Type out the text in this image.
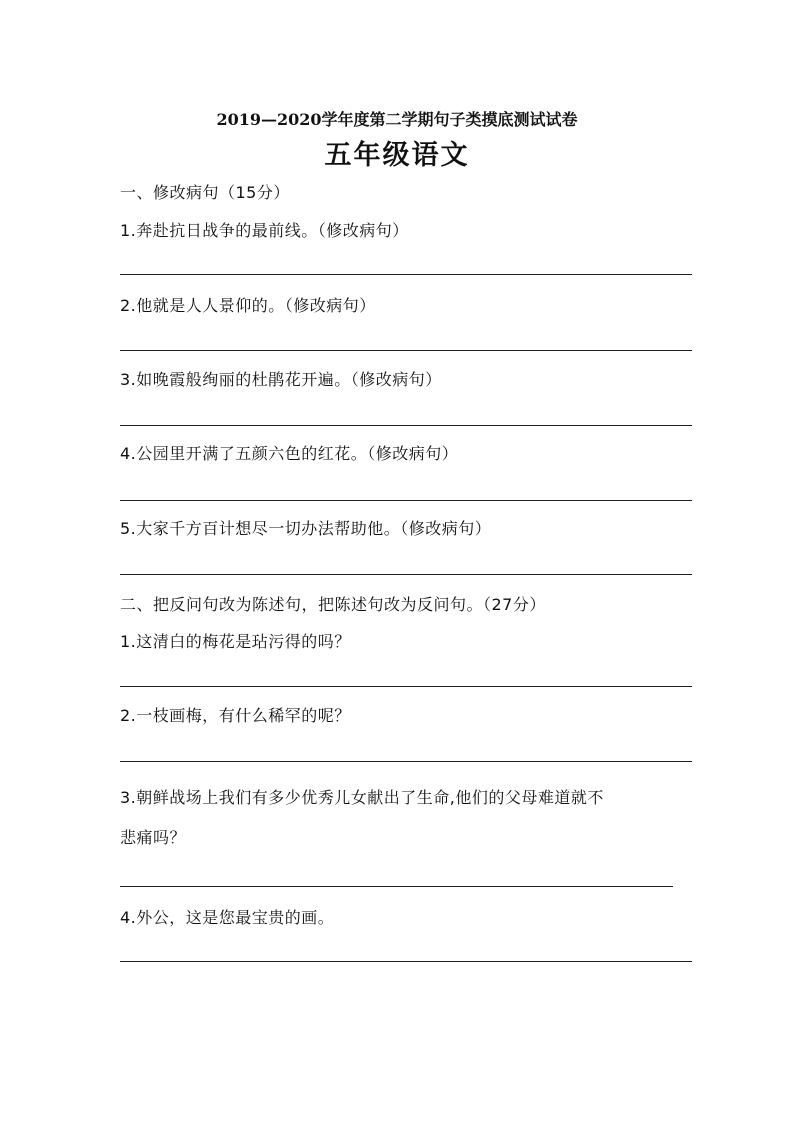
2019—2020学年度第二学期句子类摸底测试试卷
五年级语文
一、修改病句（15分）
1.奔赴抗日战争的最前线。（修改病句）
2.他就是人人景仰的。（修改病句）
3.如晚霞般绚丽的杜鹃花开遍。（修改病句）
4.公园里开满了五颜六色的红花。（修改病句）
5.大家千方百计想尽一切办法帮助他。（修改病句）
二、把反问句改为陈述句，把陈述句改为反问句。（27分）
1.这清白的梅花是玷污得的吗？
2.一枝画梅，有什么稀罕的呢？
3.朝鲜战场上我们有多少优秀儿女献出了生命,他们的父母难道就不
悲痛吗？
4.外公，这是您最宝贵的画。
